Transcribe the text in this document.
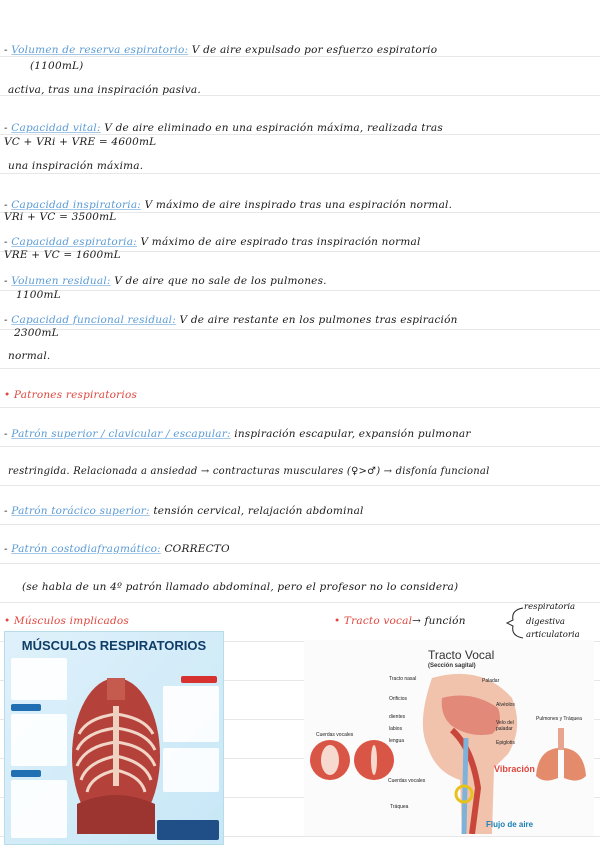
- Volumen de reserva espiratorio: V de aire expulsado por esfuerzo espiratorio
(1100mL)
activa, tras una inspiración pasiva.
- Capacidad vital: V de aire eliminado en una espiración máxima, realizada tras
VC + VRi + VRE = 4600mL
una inspiración máxima.
- Capacidad inspiratoria: V máximo de aire inspirado tras una espiración normal.
VRi + VC = 3500mL
- Capacidad espiratoria: V máximo de aire espirado tras inspiración normal
VRE + VC = 1600mL
- Volumen residual: V de aire que no sale de los pulmones.
1100mL
- Capacidad funcional residual: V de aire restante en los pulmones tras espiración
2300mL
normal.
• Patrones respiratorios
- Patrón superior / clavicular / escapular: inspiración escapular, expansión pulmonar
restringida. Relacionada a ansiedad → contracturas musculares (♀>♂) → disfonía funcional
- Patrón torácico superior: tensión cervical, relajación abdominal
- Patrón costodiafragmático: CORRECTO
(se habla de un 4º patrón llamado abdominal, pero el profesor no lo considera)
• Músculos implicados	• Tracto vocal → función
respiratoria
digestiva
articulatoria
MÚSCULOS RESPIRATORIOS
Tracto Vocal
(Sección sagital)
Cuerdas vocales
Tracto nasal	Paladar
Orificios
Alvéolos
dientes
labios
lengua
Velo del paladar
Epiglotis
Cuerdas vocales
Tráquea
Pulmones y Tráquea
Vibración
Flujo de aire
